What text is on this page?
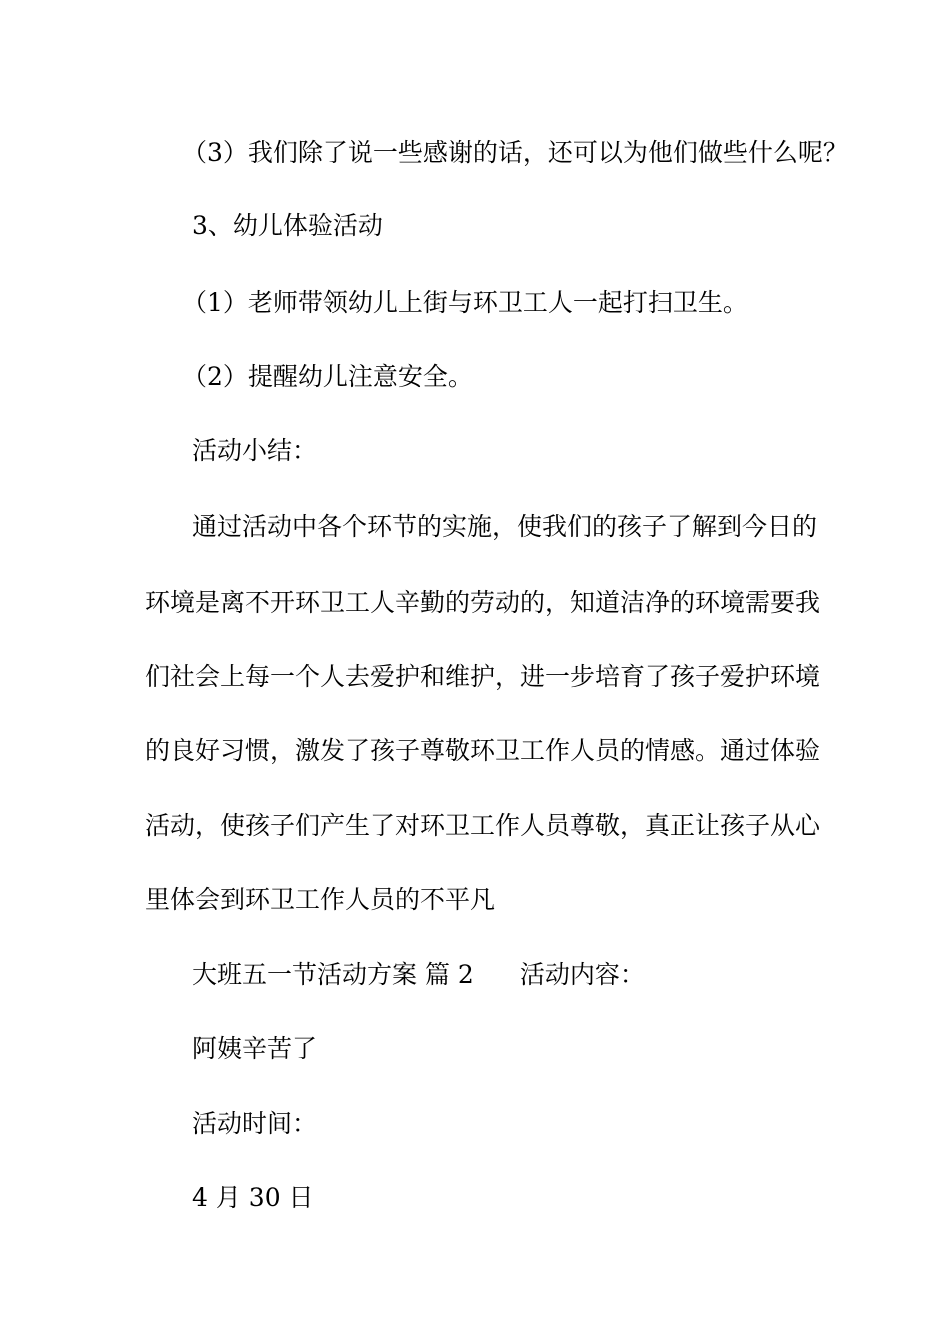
（3）我们除了说一些感谢的话，还可以为他们做些什么呢？
3、幼儿体验活动
（1）老师带领幼儿上街与环卫工人一起打扫卫生。
（2）提醒幼儿注意安全。
活动小结：
通过活动中各个环节的实施，使我们的孩子了解到今日的
环境是离不开环卫工人辛勤的劳动的，知道洁净的环境需要我
们社会上每一个人去爱护和维护，进一步培育了孩子爱护环境
的良好习惯，激发了孩子尊敬环卫工作人员的情感。通过体验
活动，使孩子们产生了对环卫工作人员尊敬，真正让孩子从心
里体会到环卫工作人员的不平凡
大班五一节活动方案 篇 2 活动内容：
阿姨辛苦了
活动时间：
4 月 30 日
